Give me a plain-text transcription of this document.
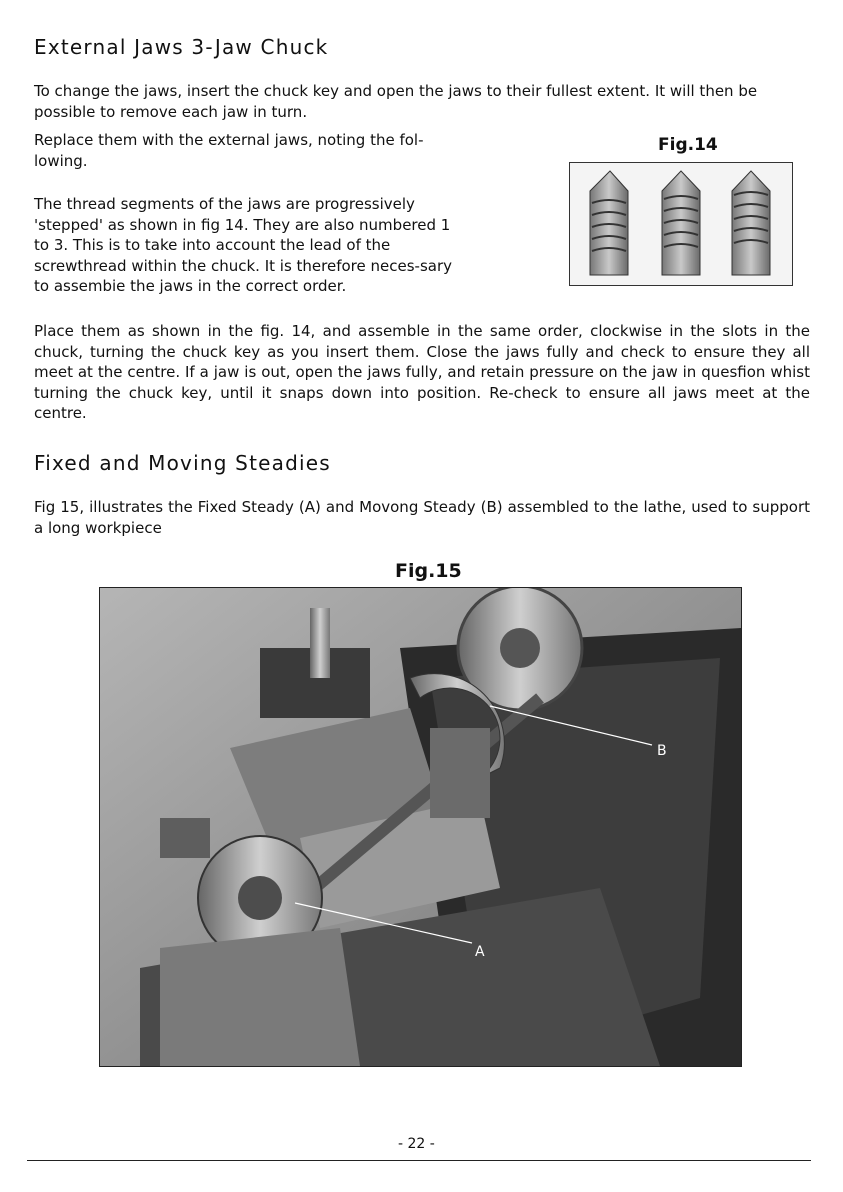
External Jaws 3-Jaw Chuck

To change the jaws, insert the chuck key and open the jaws to their fullest extent. It will then be possible to remove each jaw in turn.

Replace them with the external jaws, noting the fol-lowing.

The thread segments of the jaws are progressively 'stepped' as shown in fig 14. They are also numbered 1 to 3. This is to take into account the lead of the screwthread within the chuck. It is therefore neces-sary to assembie the jaws in the correct order.

Fig.14

Place them as shown in the fig. 14, and assemble in the same order, clockwise in the slots in the chuck, turning the chuck key as you insert them. Close the jaws fully and check to ensure they all meet at the centre. If a jaw is out, open the jaws fully, and retain pressure on the jaw in quesfion whist turning the chuck key, until it snaps down into position. Re-check to ensure all jaws meet at the centre.

Fixed and Moving Steadies

Fig 15, illustrates the Fixed Steady (A) and Movong Steady (B) assembled to the lathe, used to support a long workpiece

Fig.15
B
A
- 22 -
